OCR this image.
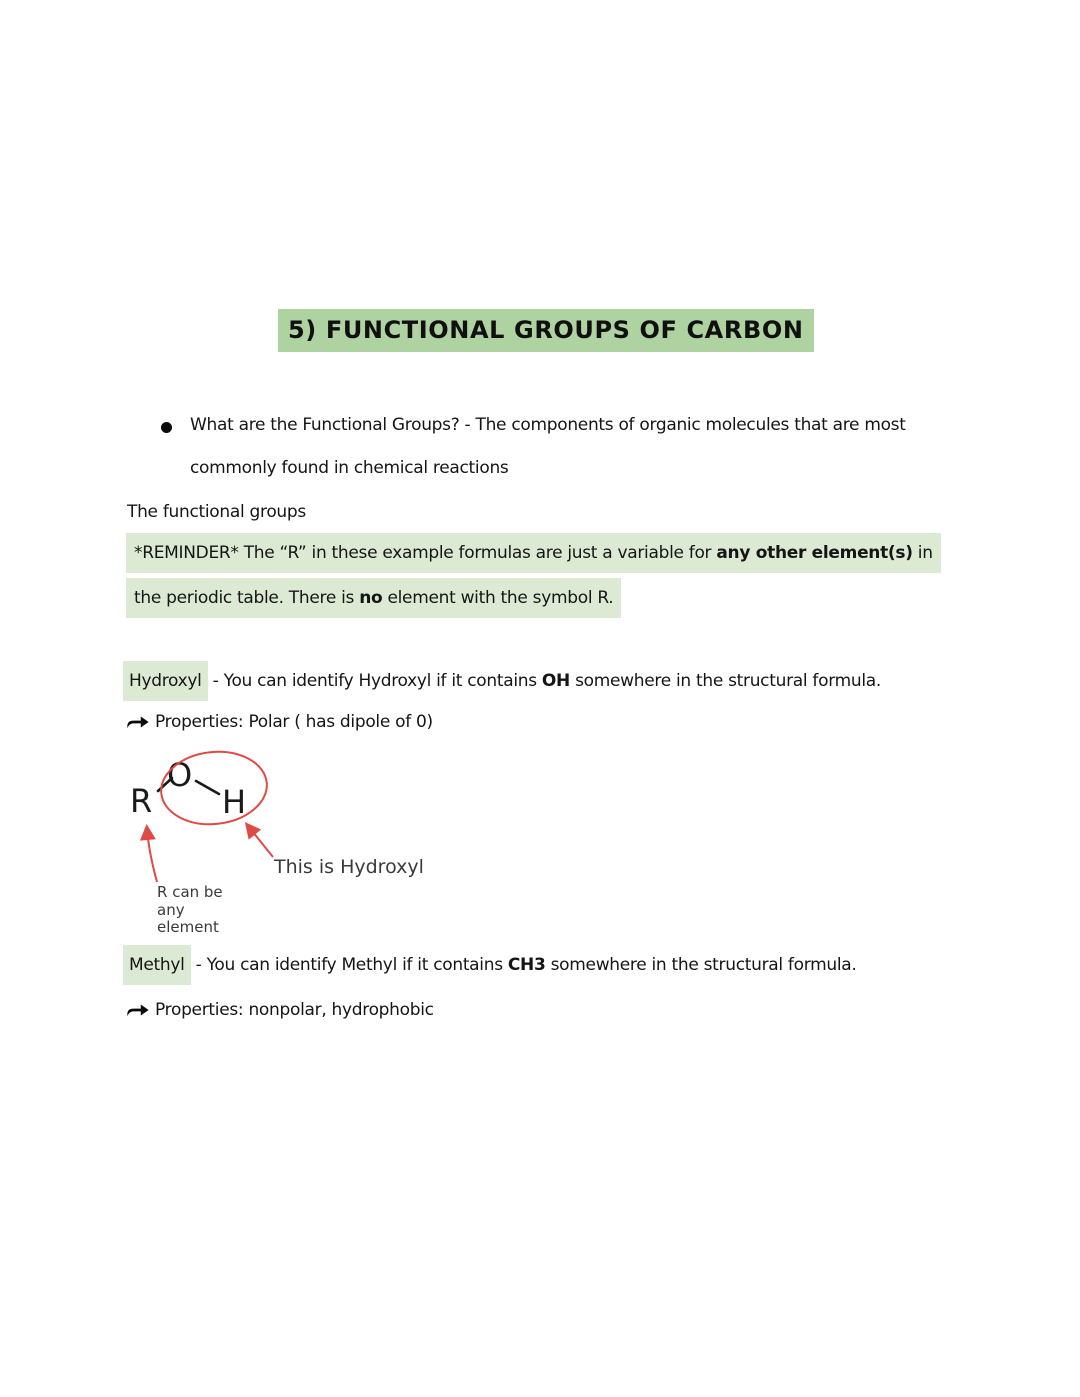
5) FUNCTIONAL GROUPS OF CARBON
What are the Functional Groups? - The components of organic molecules that are most
commonly found in chemical reactions
The functional groups
*REMINDER* The “R” in these example formulas are just a variable for any other element(s) in
the periodic table. There is no element with the symbol R.
Hydroxyl - You can identify Hydroxyl if it contains OH somewhere in the structural formula.
Properties: Polar ( has dipole of 0)
R
O
H
This is Hydroxyl
R can be
any
element
Methyl - You can identify Methyl if it contains CH3 somewhere in the structural formula.
Properties: nonpolar, hydrophobic
